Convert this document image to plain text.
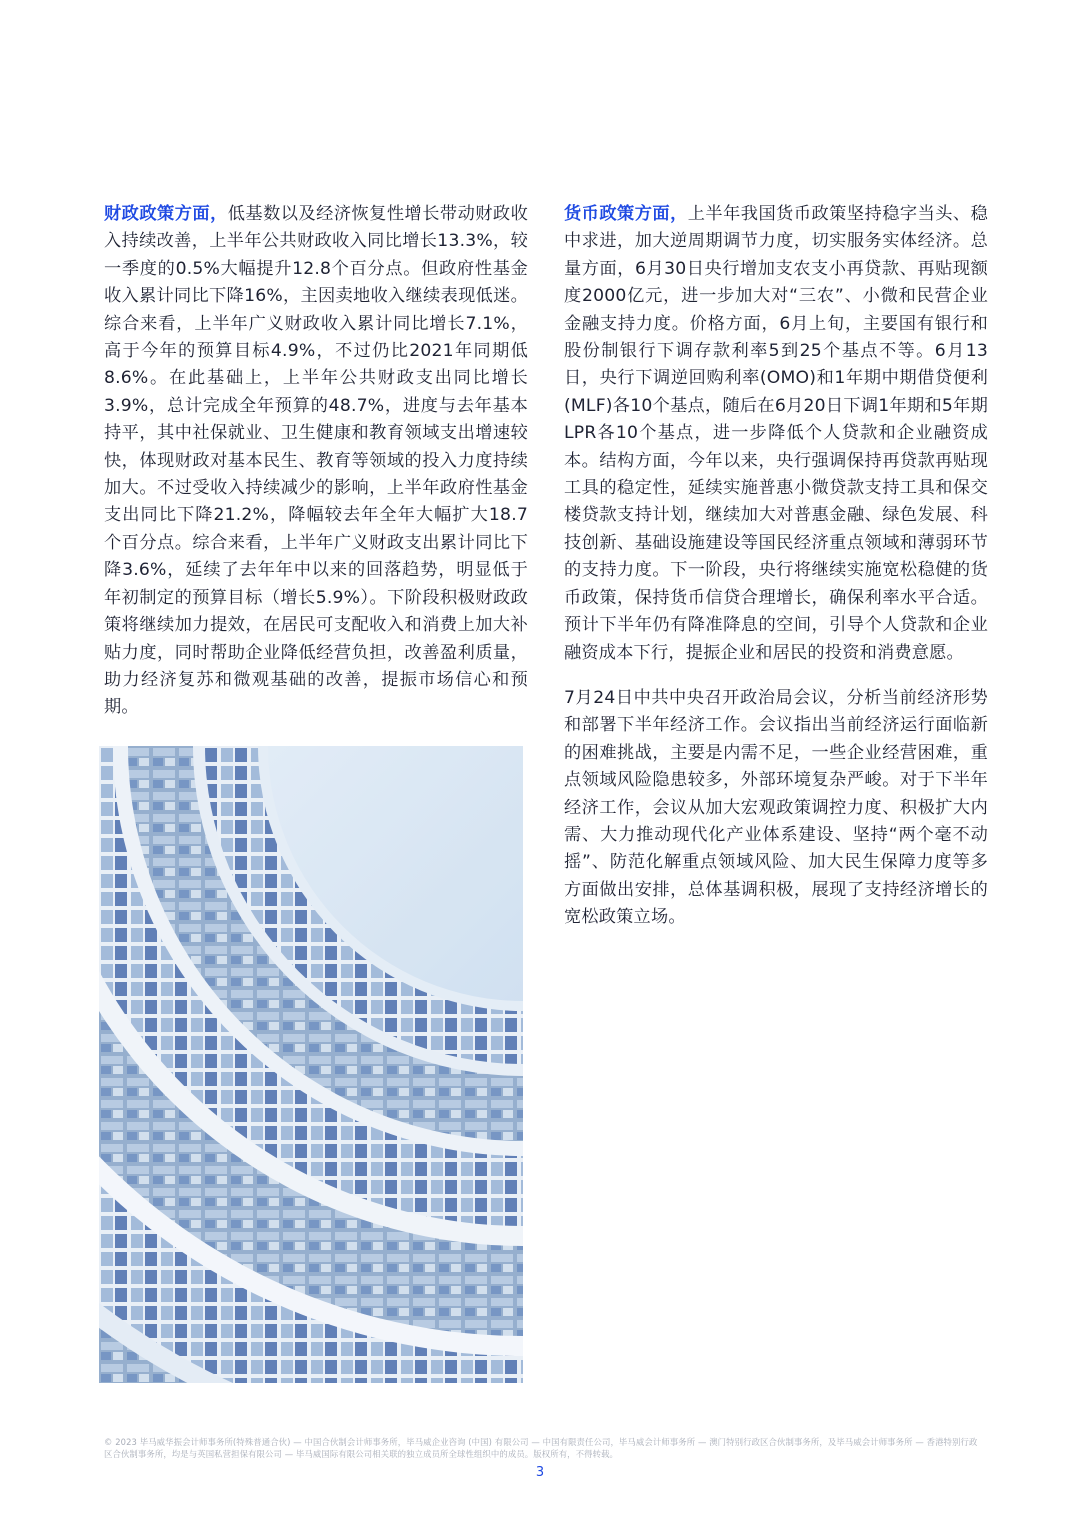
财政政策方面，低基数以及经济恢复性增长带动财政收入持续改善，上半年公共财政收入同比增长13.3%，较一季度的0.5%大幅提升12.8个百分点。但政府性基金收入累计同比下降16%，主因卖地收入继续表现低迷。综合来看，上半年广义财政收入累计同比增长7.1%，高于今年的预算目标4.9%，不过仍比2021年同期低8.6%。在此基础上，上半年公共财政支出同比增长3.9%，总计完成全年预算的48.7%，进度与去年基本持平，其中社保就业、卫生健康和教育领域支出增速较快，体现财政对基本民生、教育等领域的投入力度持续加大。不过受收入持续减少的影响，上半年政府性基金支出同比下降21.2%，降幅较去年全年大幅扩大18.7个百分点。综合来看，上半年广义财政支出累计同比下降3.6%，延续了去年年中以来的回落趋势，明显低于年初制定的预算目标（增长5.9%）。下阶段积极财政政策将继续加力提效，在居民可支配收入和消费上加大补贴力度，同时帮助企业降低经营负担，改善盈利质量，助力经济复苏和微观基础的改善，提振市场信心和预期。

货币政策方面，上半年我国货币政策坚持稳字当头、稳中求进，加大逆周期调节力度，切实服务实体经济。总量方面，6月30日央行增加支农支小再贷款、再贴现额度2000亿元，进一步加大对“三农”、小微和民营企业金融支持力度。价格方面，6月上旬，主要国有银行和股份制银行下调存款利率5到25个基点不等。6月13日，央行下调逆回购利率(OMO)和1年期中期借贷便利(MLF)各10个基点，随后在6月20日下调1年期和5年期LPR各10个基点，进一步降低个人贷款和企业融资成本。结构方面，今年以来，央行强调保持再贷款再贴现工具的稳定性，延续实施普惠小微贷款支持工具和保交楼贷款支持计划，继续加大对普惠金融、绿色发展、科技创新、基础设施建设等国民经济重点领域和薄弱环节的支持力度。下一阶段，央行将继续实施宽松稳健的货币政策，保持货币信贷合理增长，确保利率水平合适。预计下半年仍有降准降息的空间，引导个人贷款和企业融资成本下行，提振企业和居民的投资和消费意愿。

7月24日中共中央召开政治局会议，分析当前经济形势和部署下半年经济工作。会议指出当前经济运行面临新的困难挑战，主要是内需不足，一些企业经营困难，重点领域风险隐患较多，外部环境复杂严峻。对于下半年经济工作，会议从加大宏观政策调控力度、积极扩大内需、大力推动现代化产业体系建设、坚持“两个毫不动摇”、防范化解重点领域风险、加大民生保障力度等多方面做出安排，总体基调积极，展现了支持经济增长的宽松政策立场。

© 2023 毕马威华振会计师事务所(特殊普通合伙) — 中国合伙制会计师事务所，毕马威企业咨询 (中国) 有限公司 — 中国有限责任公司，毕马威会计师事务所 — 澳门特别行政区合伙制事务所，及毕马威会计师事务所 — 香港特别行政区合伙制事务所，均是与英国私营担保有限公司 — 毕马威国际有限公司相关联的独立成员所全球性组织中的成员。版权所有，不得转载。
3
